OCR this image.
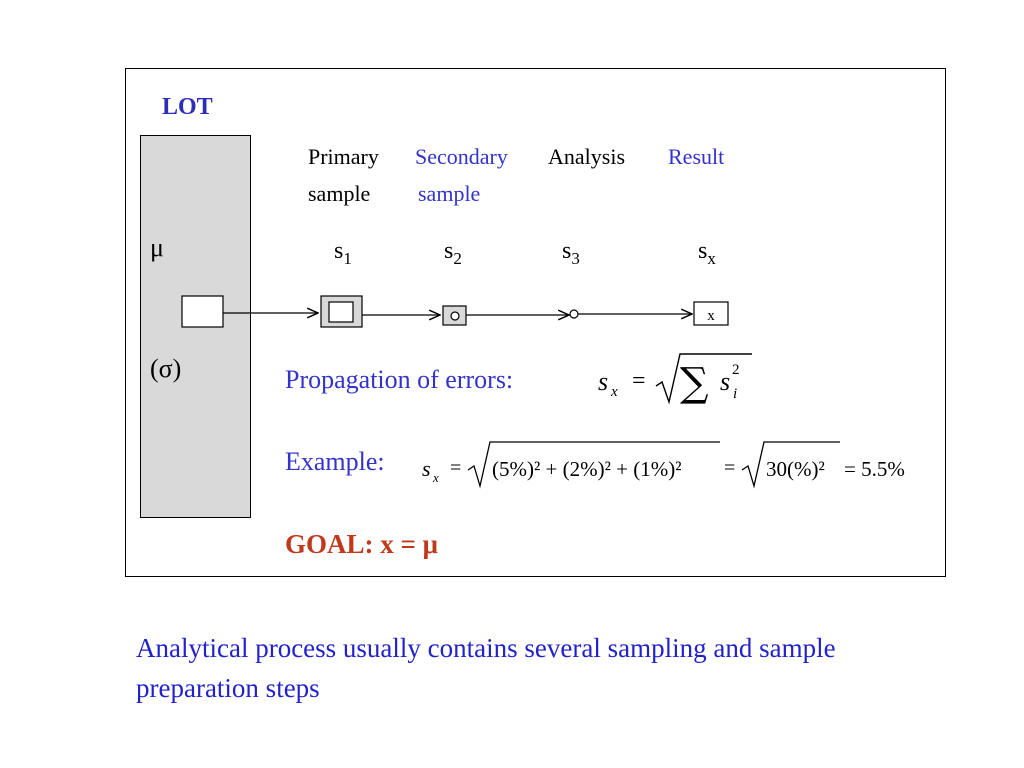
LOT
μ
(σ)
Primary
sample
Secondary
sample
Analysis Result
$s_1$	$s_2$	$s_3$	$s_x$
x
Propagation of errors:	s x = ∑ s 2
i
Example: s x = (5%)² + (2%)² + (1%)² = 30(%)² = 5.5%
GOAL: x = μ
Analytical process usually contains several sampling and sample preparation steps
